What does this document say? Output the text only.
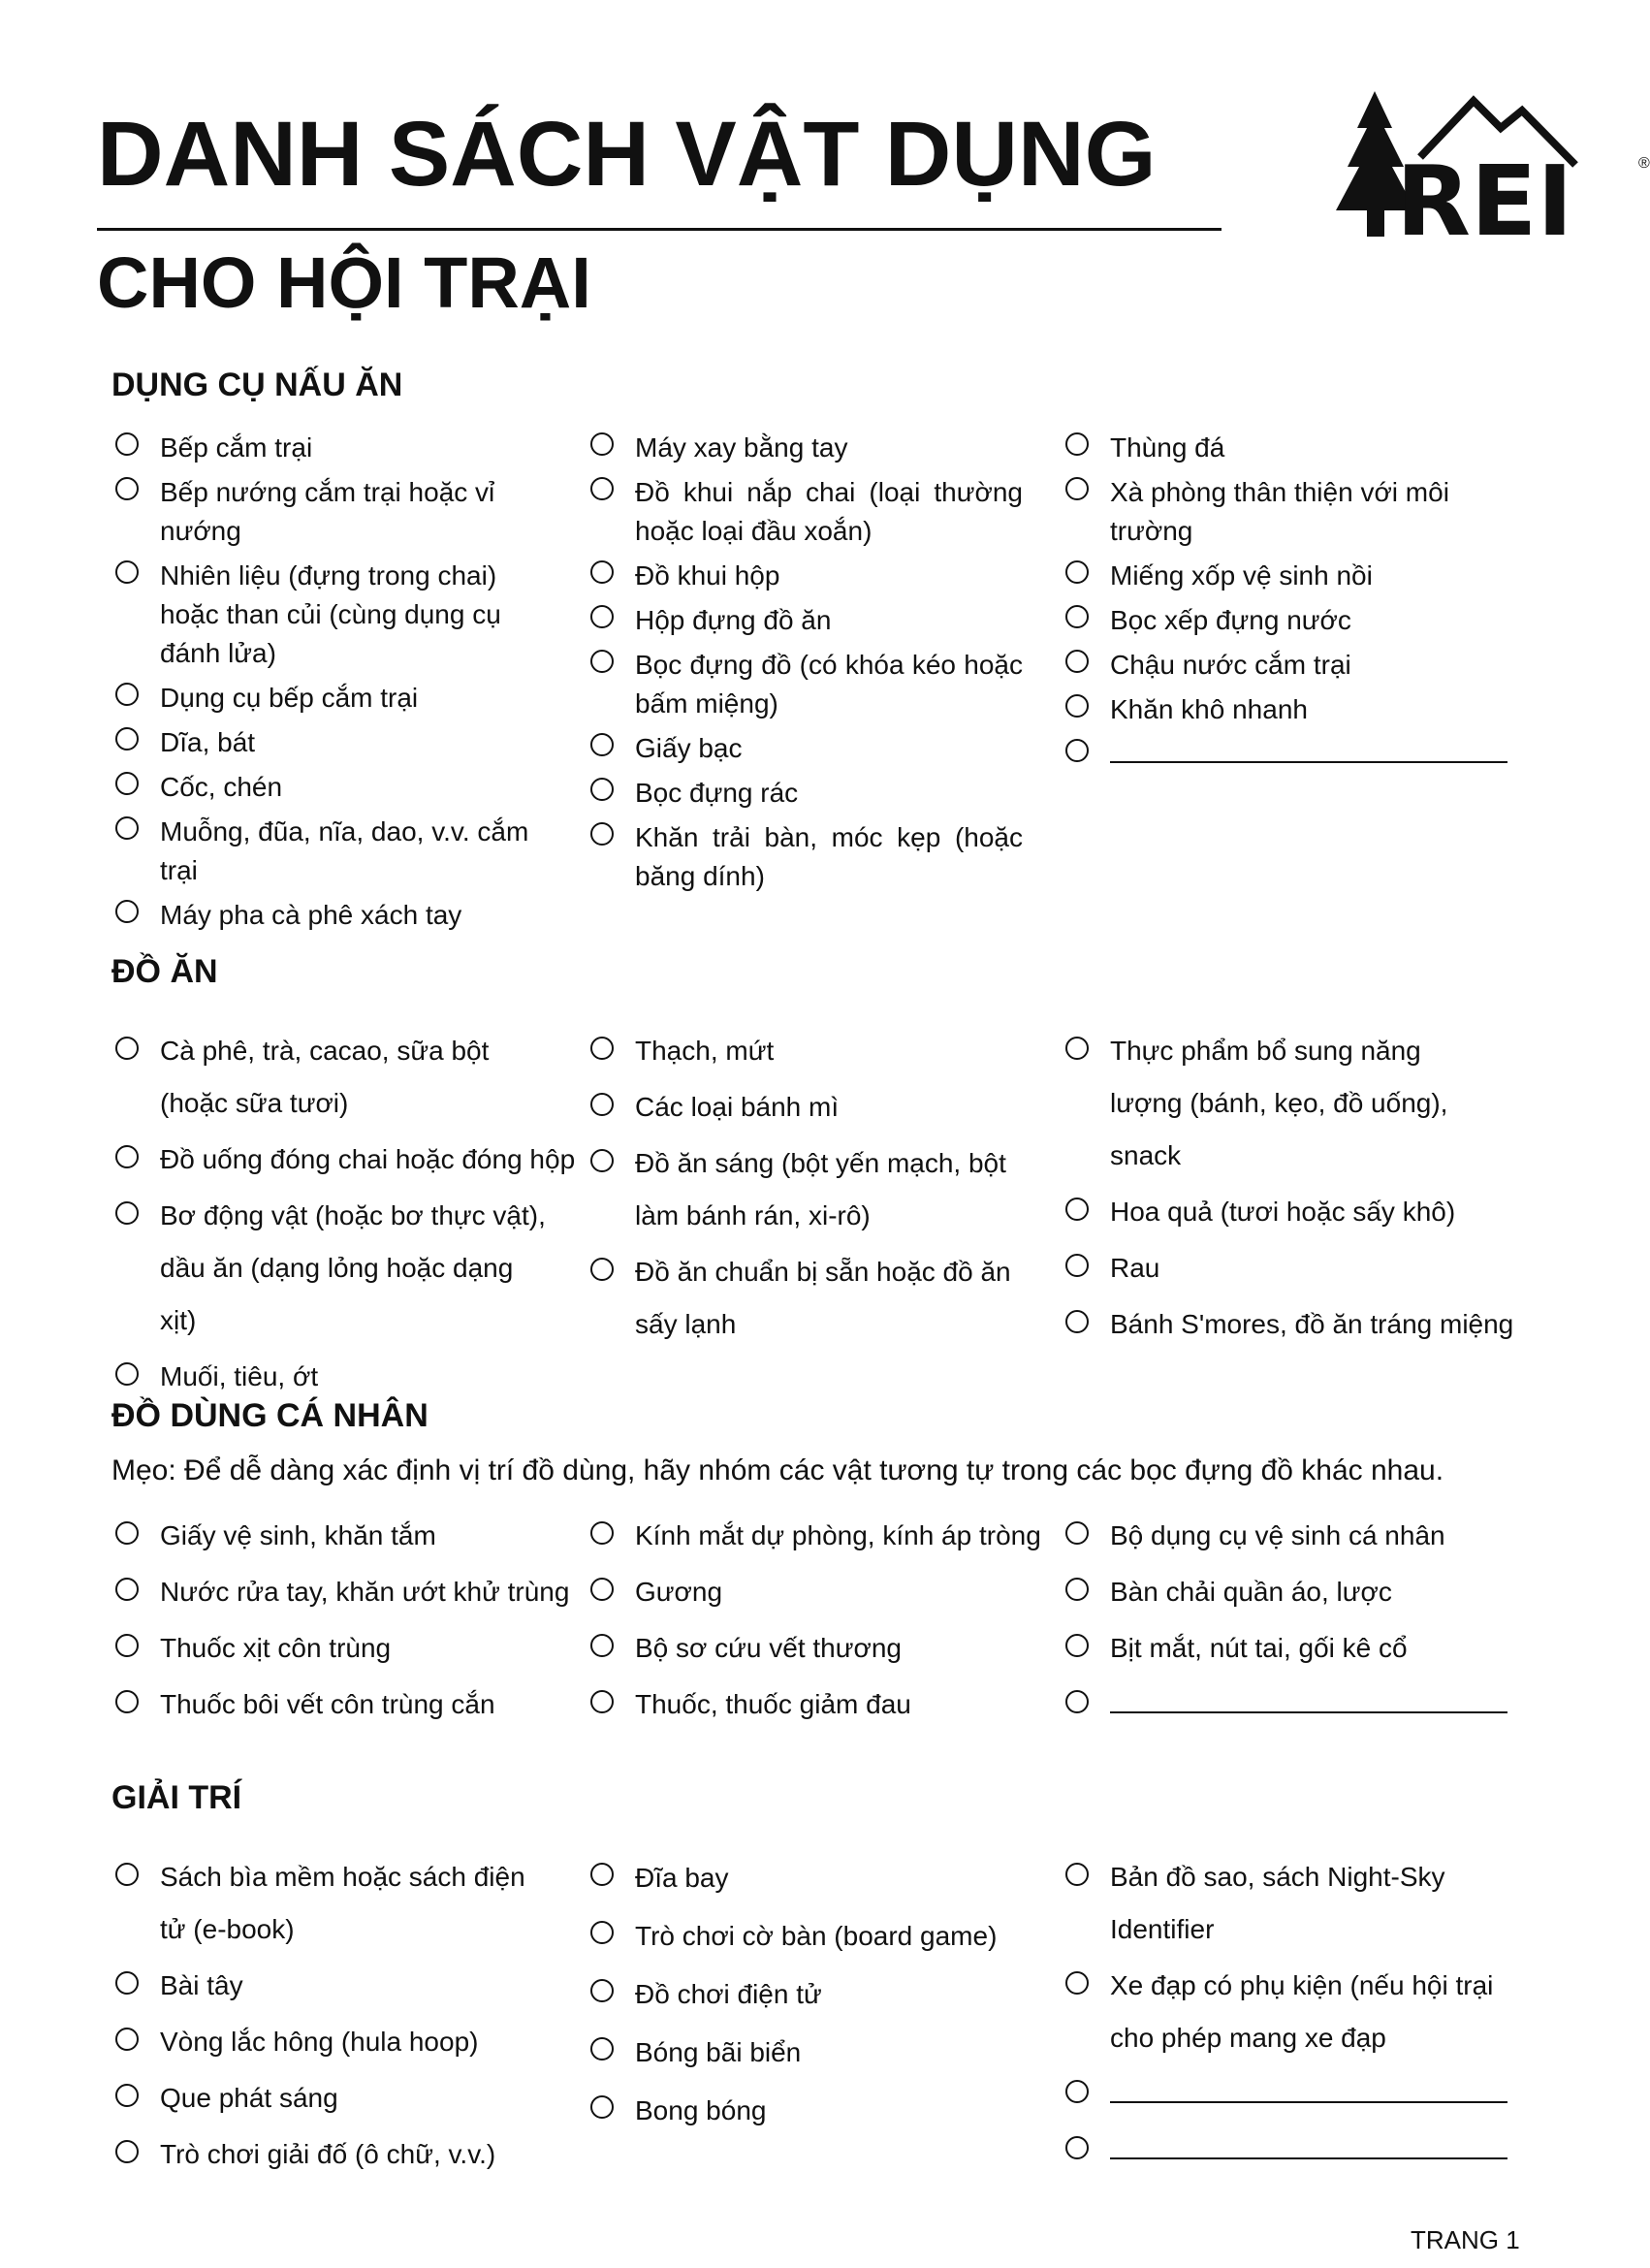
DANH SÁCH VẬT DỤNG
CHO HỘI TRẠI
REI	®
DỤNG CỤ NẤU ĂN
Bếp cắm trại
Bếp nướng cắm trại hoặc vỉ nướng
Nhiên liệu (đựng trong chai) hoặc than củi (cùng dụng cụ đánh lửa)
Dụng cụ bếp cắm trại
Dĩa, bát
Cốc, chén
Muỗng, đũa, nĩa, dao, v.v. cắm trại
Máy pha cà phê xách tay
Máy xay bằng tay
Đồ khui nắp chai (loại thường hoặc loại đầu xoắn)
Đồ khui hộp
Hộp đựng đồ ăn
Bọc đựng đồ (có khóa kéo hoặc bấm miệng)
Giấy bạc
Bọc đựng rác
Khăn trải bàn, móc kẹp (hoặc băng dính)
Thùng đá
Xà phòng thân thiện với môi trường
Miếng xốp vệ sinh nồi
Bọc xếp đựng nước
Chậu nước cắm trại
Khăn khô nhanh
ĐỒ ĂN
Cà phê, trà, cacao, sữa bột (hoặc sữa tươi)
Đồ uống đóng chai hoặc đóng hộp
Bơ động vật (hoặc bơ thực vật), dầu ăn (dạng lỏng hoặc dạng xịt)
Muối, tiêu, ớt
Thạch, mứt
Các loại bánh mì
Đồ ăn sáng (bột yến mạch, bột làm bánh rán, xi-rô)
Đồ ăn chuẩn bị sẵn hoặc đồ ăn sấy lạnh
Thực phẩm bổ sung năng lượng (bánh, kẹo, đồ uống), snack
Hoa quả (tươi hoặc sấy khô)
Rau
Bánh S'mores, đồ ăn tráng miệng
ĐỒ DÙNG CÁ NHÂN
Mẹo: Để dễ dàng xác định vị trí đồ dùng, hãy nhóm các vật tương tự trong các bọc đựng đồ khác nhau.
Giấy vệ sinh, khăn tắm
Nước rửa tay, khăn ướt khử trùng
Thuốc xịt côn trùng
Thuốc bôi vết côn trùng cắn
Kính mắt dự phòng, kính áp tròng
Gương
Bộ sơ cứu vết thương
Thuốc, thuốc giảm đau
Bộ dụng cụ vệ sinh cá nhân
Bàn chải quần áo, lược
Bịt mắt, nút tai, gối kê cổ
GIẢI TRÍ
Sách bìa mềm hoặc sách điện tử (e-book)
Bài tây
Vòng lắc hông (hula hoop)
Que phát sáng
Trò chơi giải đố (ô chữ, v.v.)
Đĩa bay
Trò chơi cờ bàn (board game)
Đồ chơi điện tử
Bóng bãi biển
Bong bóng
Bản đồ sao, sách Night-Sky Identifier
Xe đạp có phụ kiện (nếu hội trại cho phép mang xe đạp
TRANG 1
